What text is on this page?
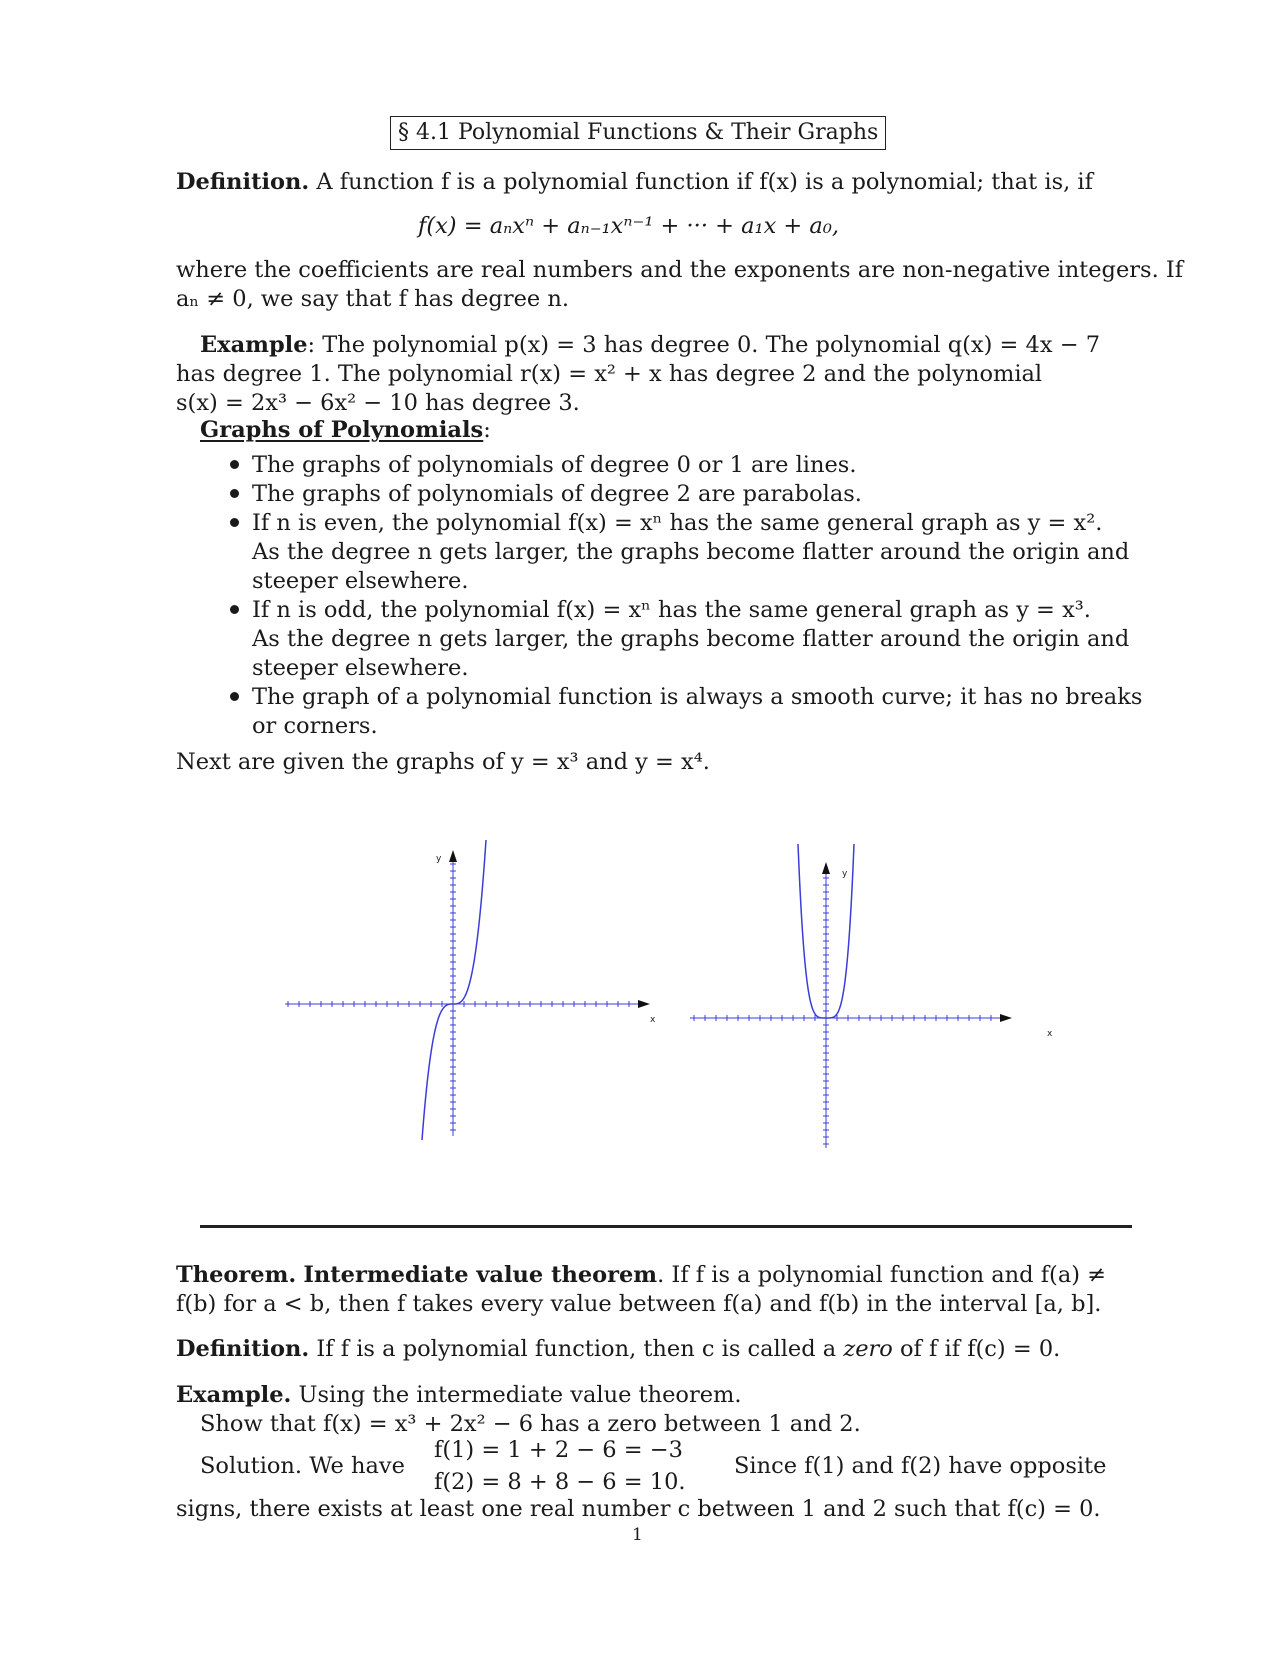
§ 4.1 Polynomial Functions & Their Graphs
Definition. A function f is a polynomial function if f(x) is a polynomial; that is, if
f(x) = aₙxⁿ + aₙ₋₁xⁿ⁻¹ + ··· + a₁x + a₀,
where the coefficients are real numbers and the exponents are non-negative integers. If
aₙ ≠ 0, we say that f has degree n.
Example: The polynomial p(x) = 3 has degree 0. The polynomial q(x) = 4x − 7
has degree 1. The polynomial r(x) = x² + x has degree 2 and the polynomial
s(x) = 2x³ − 6x² − 10 has degree 3.
Graphs of Polynomials:
The graphs of polynomials of degree 0 or 1 are lines.
The graphs of polynomials of degree 2 are parabolas.
If n is even, the polynomial f(x) = xⁿ has the same general graph as y = x².
As the degree n gets larger, the graphs become flatter around the origin and
steeper elsewhere.
If n is odd, the polynomial f(x) = xⁿ has the same general graph as y = x³.
As the degree n gets larger, the graphs become flatter around the origin and
steeper elsewhere.
The graph of a polynomial function is always a smooth curve; it has no breaks
or corners.
Next are given the graphs of y = x³ and y = x⁴.
x
y
x
y
Theorem. Intermediate value theorem. If f is a polynomial function and f(a) ≠
f(b) for a < b, then f takes every value between f(a) and f(b) in the interval [a, b].
Definition. If f is a polynomial function, then c is called a zero of f if f(c) = 0.
Example. Using the intermediate value theorem.
Show that f(x) = x³ + 2x² − 6 has a zero between 1 and 2.
Solution. We have
f(1) = 1 + 2 − 6 = −3
f(2) = 8 + 8 − 6 = 10.
Since f(1) and f(2) have opposite
signs, there exists at least one real number c between 1 and 2 such that f(c) = 0.
1
